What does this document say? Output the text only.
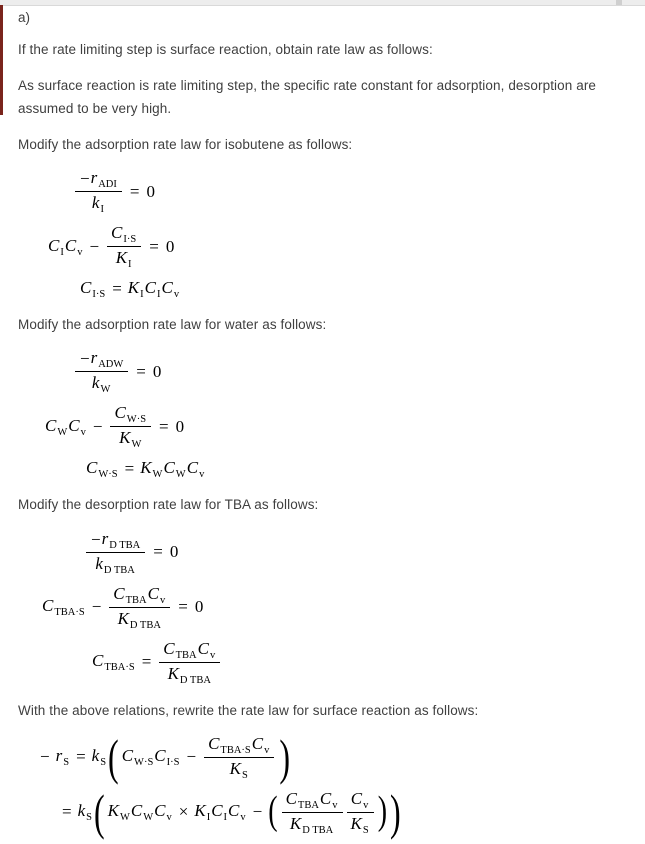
a)
If the rate limiting step is surface reaction, obtain rate law as follows:
As surface reaction is rate limiting step, the specific rate constant for adsorption, desorption are assumed to be very high.
Modify the adsorption rate law for isobutene as follows:
− $r_{ADI}$
$k_I$
= 0
$C_I$ $C_v - \frac{C_{I\cdot S}}{K_I} = 0$
$C_{I\cdot S} = K_I$ $C_I$ $C_v$
Modify the adsorption rate law for water as follows:
− $r_{ADW}$
$k_W$
= 0
$C_W$ $C_v - \frac{C_{W\cdot S}}{K_W} = 0$
$C_{W\cdot S} = K_W$ $C_W$ $C_v$
Modify the desorption rate law for TBA as follows:
− $r_{D TBA}$
$k_{D TBA}$
= 0
$C_{TBA\cdot S}$ −
$C_{TBA}$ $C_v$
$K_{D TBA}$
= 0
$C_{TBA\cdot S}$ =
$C_{TBA}$ $C_v$
$K_{D TBA}$
With the above relations, rewrite the rate law for surface reaction as follows:
− $r_S = k_S$ ( $C_{W\cdot S}$ $C_{I\cdot S}$ −
$C_{TBA\cdot S}$ $C_v$
$K_S$ )
= $k_S$ ( $K_W$ $C_W$ $C_v \times K_I$ $C_I$ $C_v$ − ( $C_{TBA}$ $C_v$
$K_{D TBA} \frac{C_v}{K_S}$ ) )
